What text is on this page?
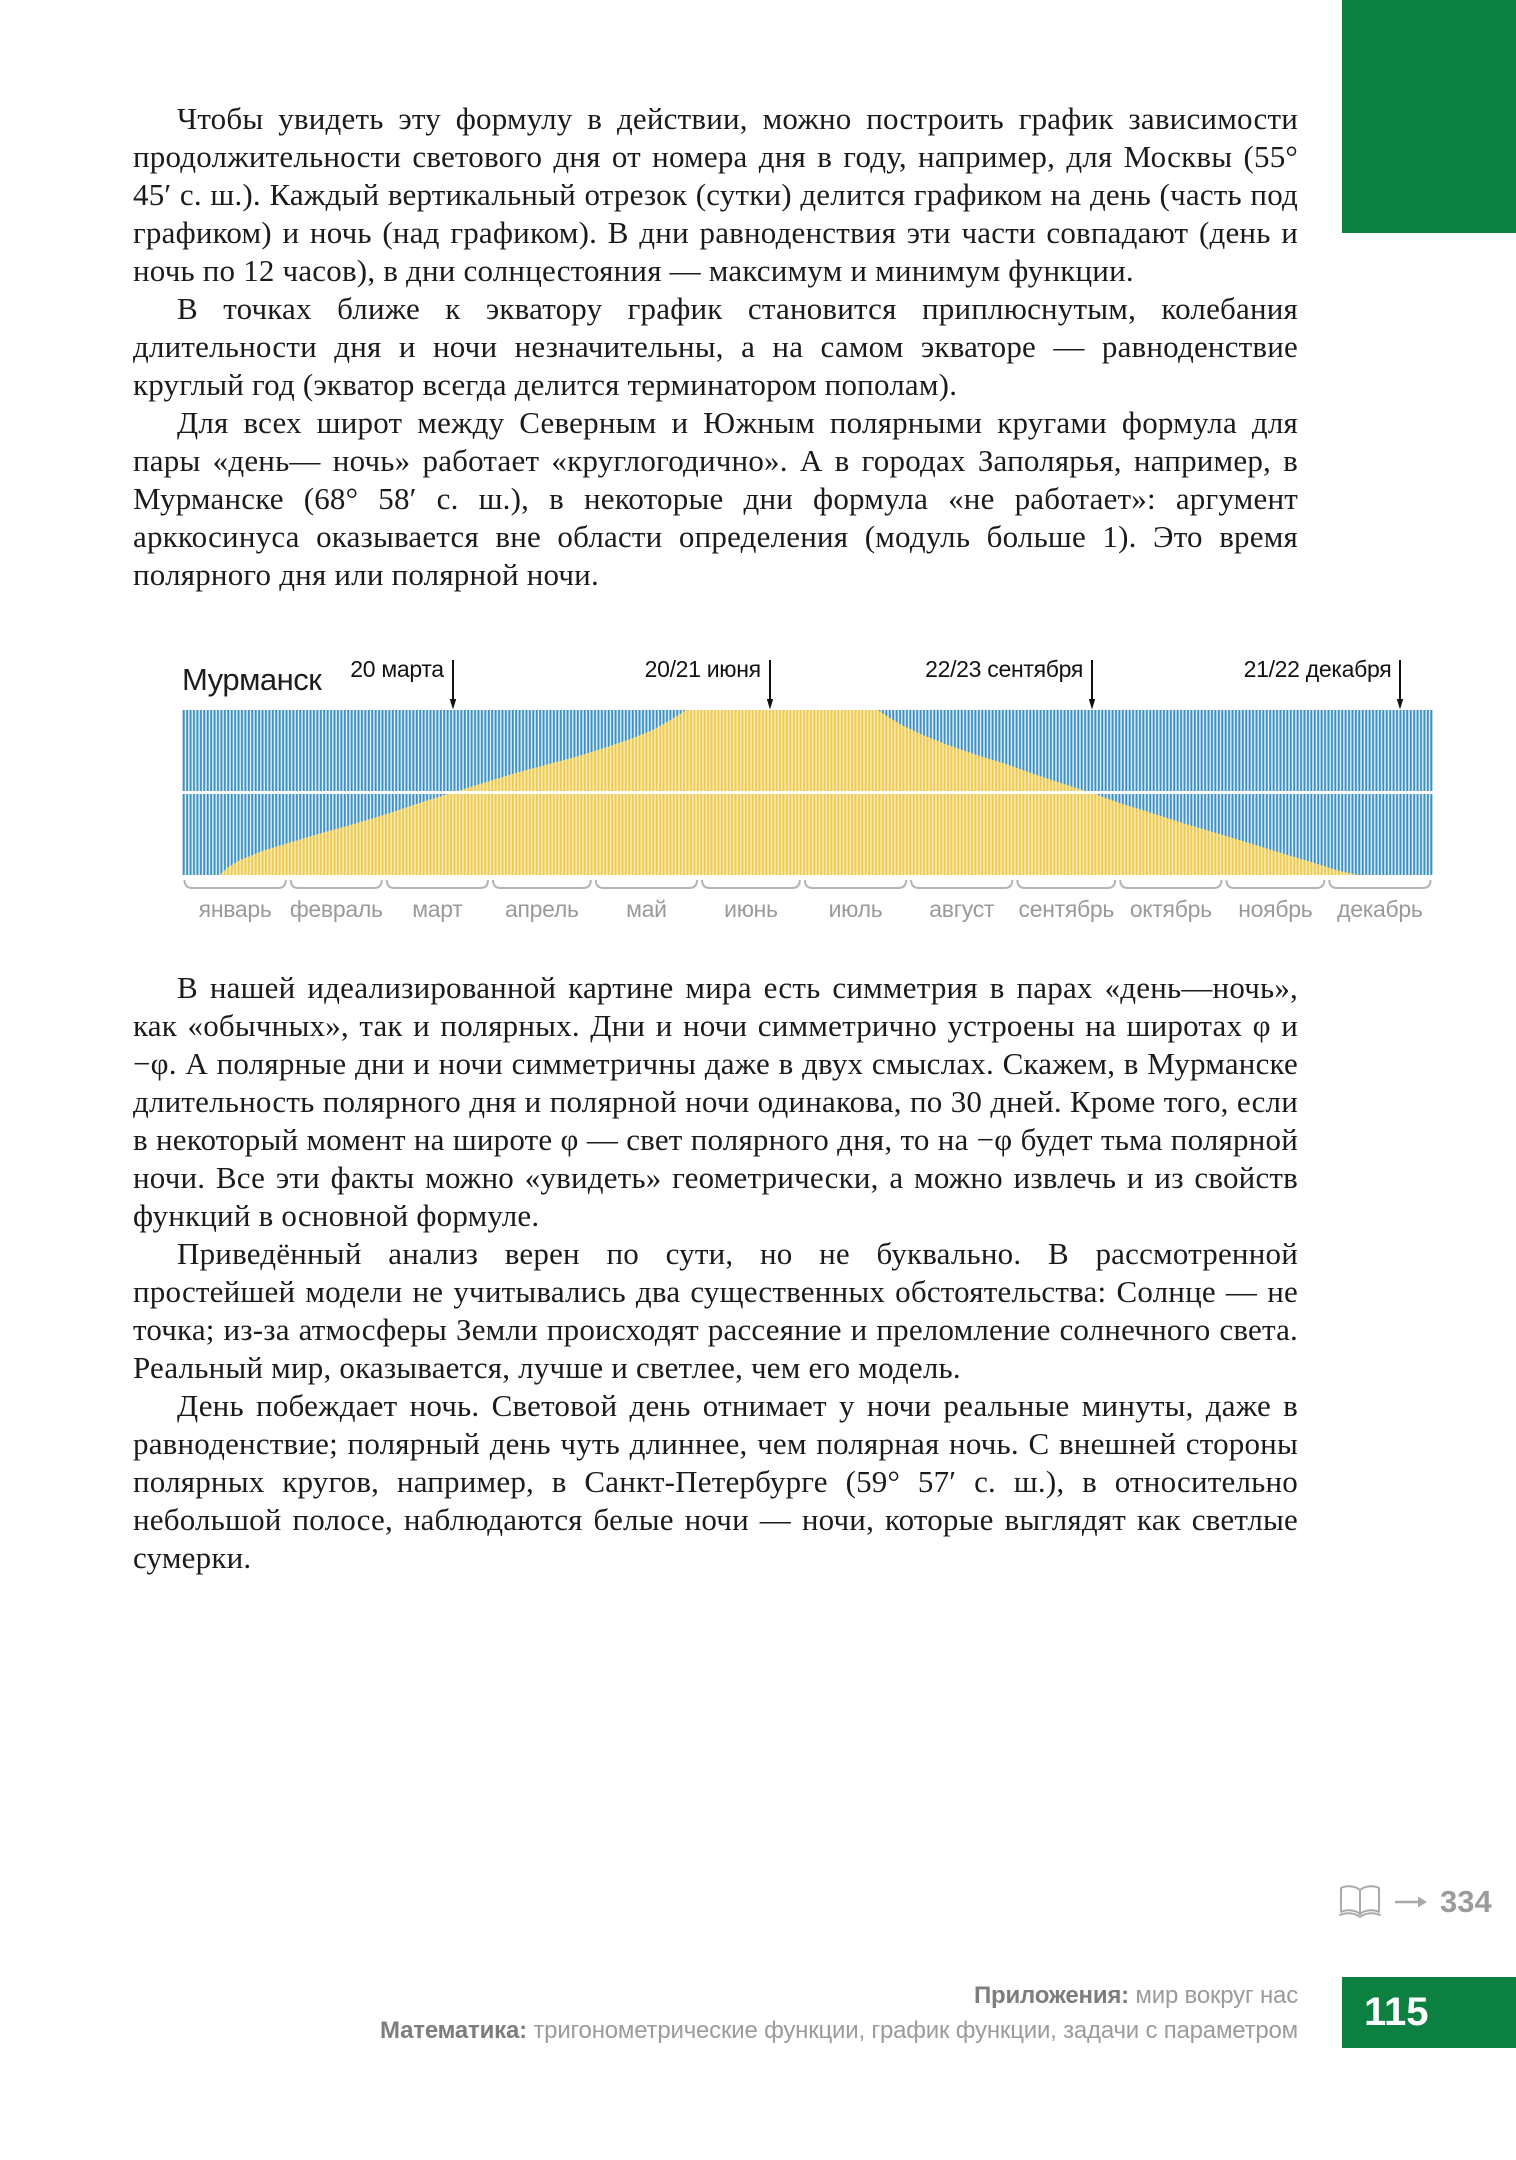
Чтобы увидеть эту формулу в действии, можно построить график зависимости продолжительности светового дня от номера дня в году, например, для Москвы (55° 45′ с. ш.). Каждый вертикальный отрезок (сутки) делится графиком на день (часть под графиком) и ночь (над графиком). В дни равноденствия эти части совпадают (день и ночь по 12 часов), в дни солнцестояния — максимум и минимум функции.

В точках ближе к экватору график становится приплюснутым, колебания длительности дня и ночи незначительны, а на самом экваторе — равноденствие круглый год (экватор всегда делится терминатором пополам).

Для всех широт между Северным и Южным полярными кругами формула для пары «день— ночь» работает «круглогодично». А в городах Заполярья, например, в Мурманске (68° 58′ с. ш.), в некоторые дни формула «не работает»: аргумент арккосинуса оказывается вне области определения (модуль больше 1). Это время полярного дня или полярной ночи.

Мурманск 20 марта	20/21 июня	22/23 сентября	21/22 декабря
январь февраль март апрель май июнь июль август сентябрь октябрь ноябрь декабрь

В нашей идеализированной картине мира есть симметрия в парах «день—ночь», как «обычных», так и полярных. Дни и ночи симметрично устроены на широтах φ и −φ. А полярные дни и ночи симметричны даже в двух смыслах. Скажем, в Мурманске длительность полярного дня и полярной ночи одинакова, по 30 дней. Кроме того, если в некоторый момент на широте φ — свет полярного дня, то на −φ будет тьма полярной ночи. Все эти факты можно «увидеть» геометрически, а можно извлечь и из свойств функций в основной формуле.

Приведённый анализ верен по сути, но не буквально. В рассмотренной простейшей модели не учитывались два существенных обстоятельства: Солнце — не точка; из-за атмосферы Земли происходят рассеяние и преломление солнечного света. Реальный мир, оказывается, лучше и светлее, чем его модель.

День побеждает ночь. Световой день отнимает у ночи реальные минуты, даже в равноденствие; полярный день чуть длиннее, чем полярная ночь. С внешней стороны полярных кругов, например, в Санкт-Петербурге (59° 57′ с. ш.), в относительно небольшой полосе, наблюдаются белые ночи — ночи, которые выглядят как светлые сумерки.

334
Приложения: мир вокруг нас
Математика: тригонометрические функции, график функции, задачи с параметром 115
